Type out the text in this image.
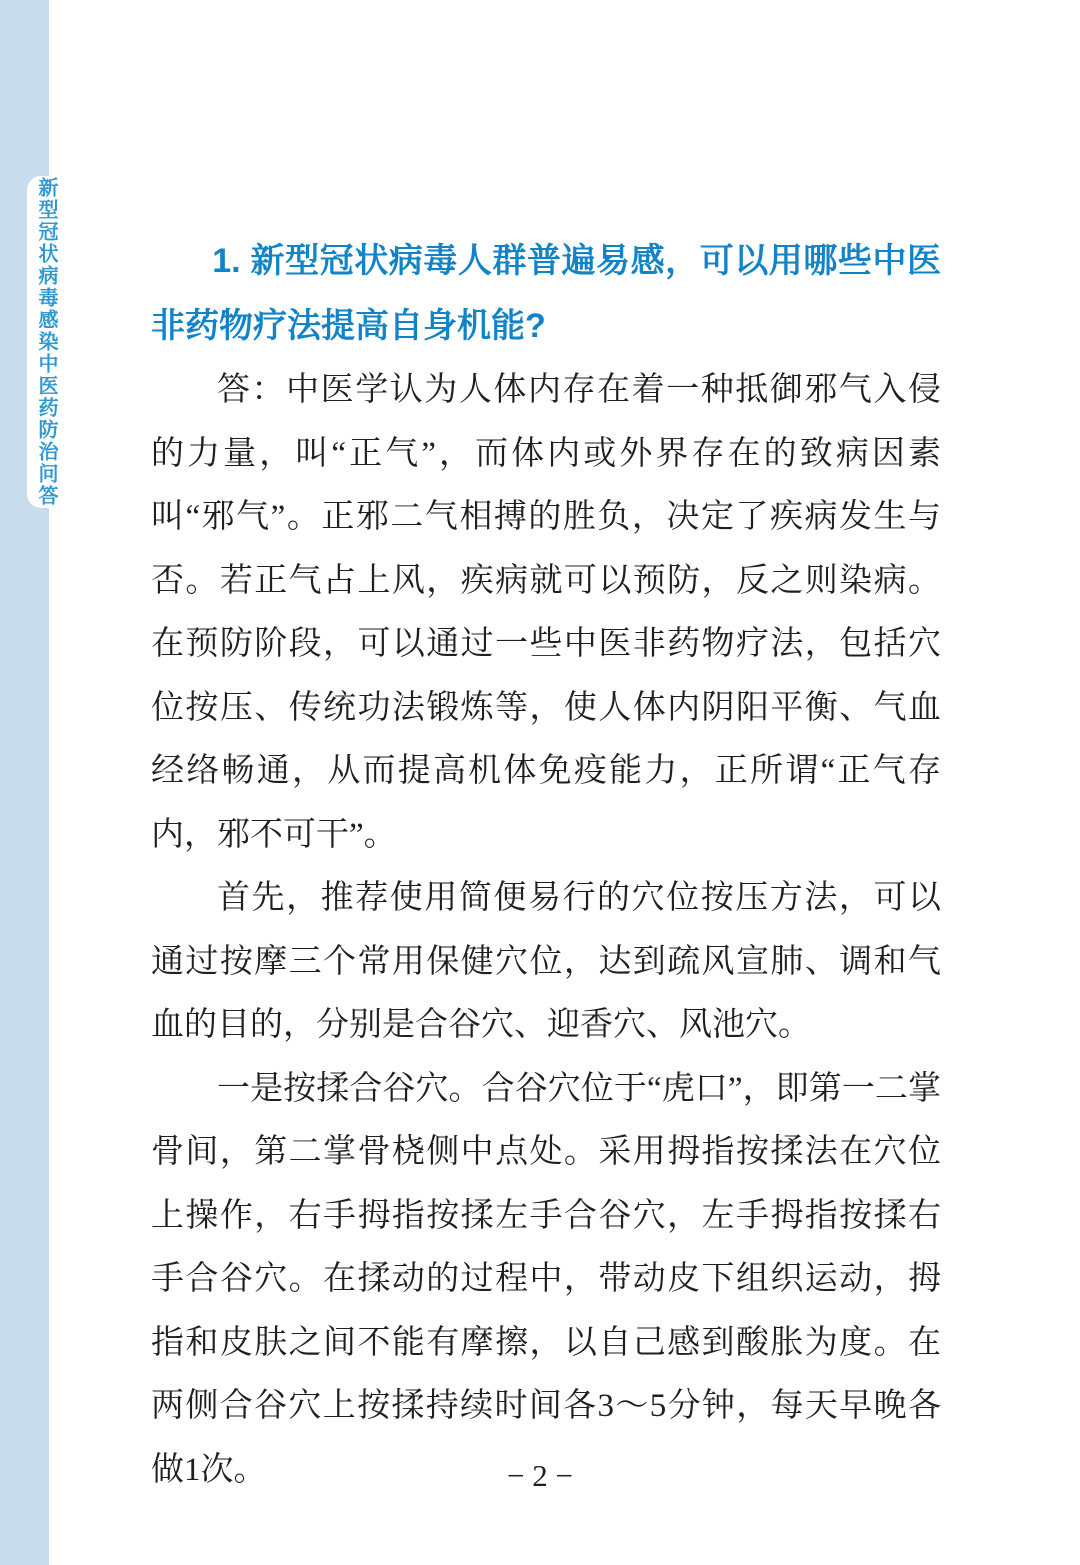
新型冠状病毒感染中医药防治问答	1. 新型冠状病毒人群普遍易感，可以用哪些中医非药物疗法提高自身机能?

答：中医学认为人体内存在着一种抵御邪气入侵的力量，叫“正气”，而体内或外界存在的致病因素叫“邪气”。正邪二气相搏的胜负，决定了疾病发生与否。若正气占上风，疾病就可以预防，反之则染病。在预防阶段，可以通过一些中医非药物疗法，包括穴位按压、传统功法锻炼等，使人体内阴阳平衡、气血经络畅通，从而提高机体免疫能力，正所谓“正气存内，邪不可干”。

首先，推荐使用简便易行的穴位按压方法，可以通过按摩三个常用保健穴位，达到疏风宣肺、调和气血的目的，分别是合谷穴、迎香穴、风池穴。

一是按揉合谷穴。合谷穴位于“虎口”，即第一二掌骨间，第二掌骨桡侧中点处。采用拇指按揉法在穴位上操作，右手拇指按揉左手合谷穴，左手拇指按揉右手合谷穴。在揉动的过程中，带动皮下组织运动，拇指和皮肤之间不能有摩擦，以自己感到酸胀为度。在两侧合谷穴上按揉持续时间各3～5分钟，每天早晚各做1次。	− 2 −
